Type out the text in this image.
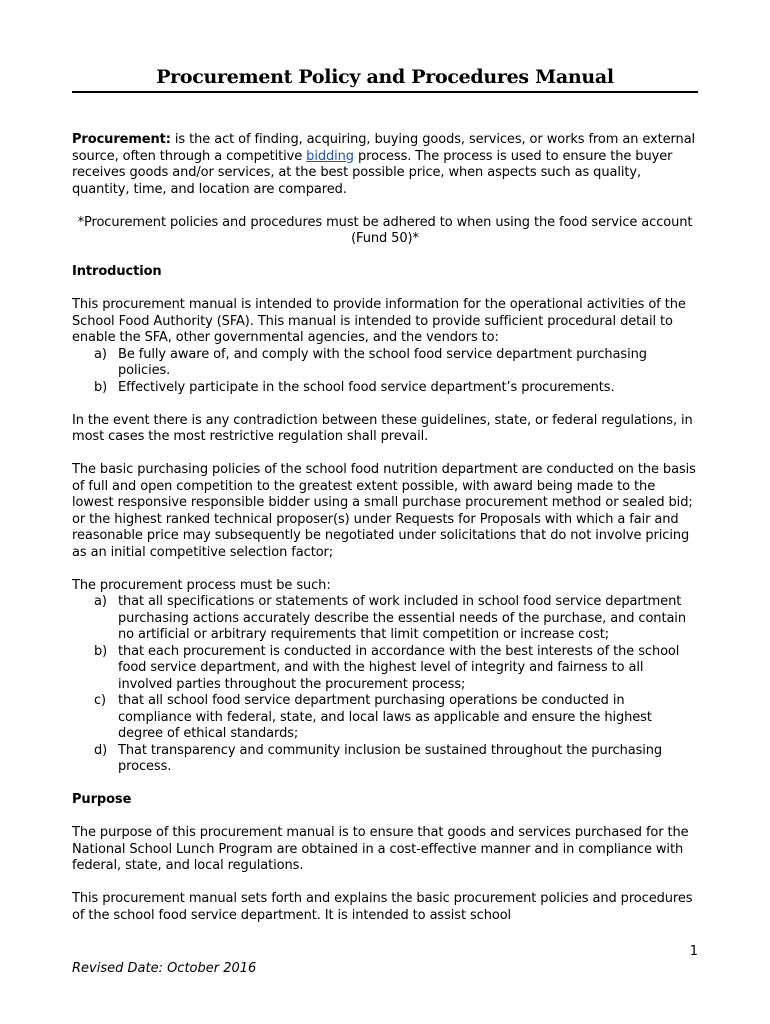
Procurement Policy and Procedures Manual

Procurement: is the act of finding, acquiring, buying goods, services, or works from an external source, often through a competitive bidding process. The process is used to ensure the buyer receives goods and/or services, at the best possible price, when aspects such as quality, quantity, time, and location are compared.

*Procurement policies and procedures must be adhered to when using the food service account (Fund 50)*

Introduction

This procurement manual is intended to provide information for the operational activities of the School Food Authority (SFA). This manual is intended to provide sufficient procedural detail to enable the SFA, other governmental agencies, and the vendors to:

a) Be fully aware of, and comply with the school food service department purchasing policies.
b) Effectively participate in the school food service department’s procurements.

In the event there is any contradiction between these guidelines, state, or federal regulations, in most cases the most restrictive regulation shall prevail.

The basic purchasing policies of the school food nutrition department are conducted on the basis of full and open competition to the greatest extent possible, with award being made to the lowest responsive responsible bidder using a small purchase procurement method or sealed bid; or the highest ranked technical proposer(s) under Requests for Proposals with which a fair and reasonable price may subsequently be negotiated under solicitations that do not involve pricing as an initial competitive selection factor;

The procurement process must be such:

a) that all specifications or statements of work included in school food service department purchasing actions accurately describe the essential needs of the purchase, and contain no artificial or arbitrary requirements that limit competition or increase cost;
b) that each procurement is conducted in accordance with the best interests of the school food service department, and with the highest level of integrity and fairness to all involved parties throughout the procurement process;
c) that all school food service department purchasing operations be conducted in compliance with federal, state, and local laws as applicable and ensure the highest degree of ethical standards;
d) That transparency and community inclusion be sustained throughout the purchasing process.
Purpose

The purpose of this procurement manual is to ensure that goods and services purchased for the National School Lunch Program are obtained in a cost-effective manner and in compliance with federal, state, and local regulations.

This procurement manual sets forth and explains the basic procurement policies and procedures of the school food service department. It is intended to assist school

1
Revised Date: October 2016
